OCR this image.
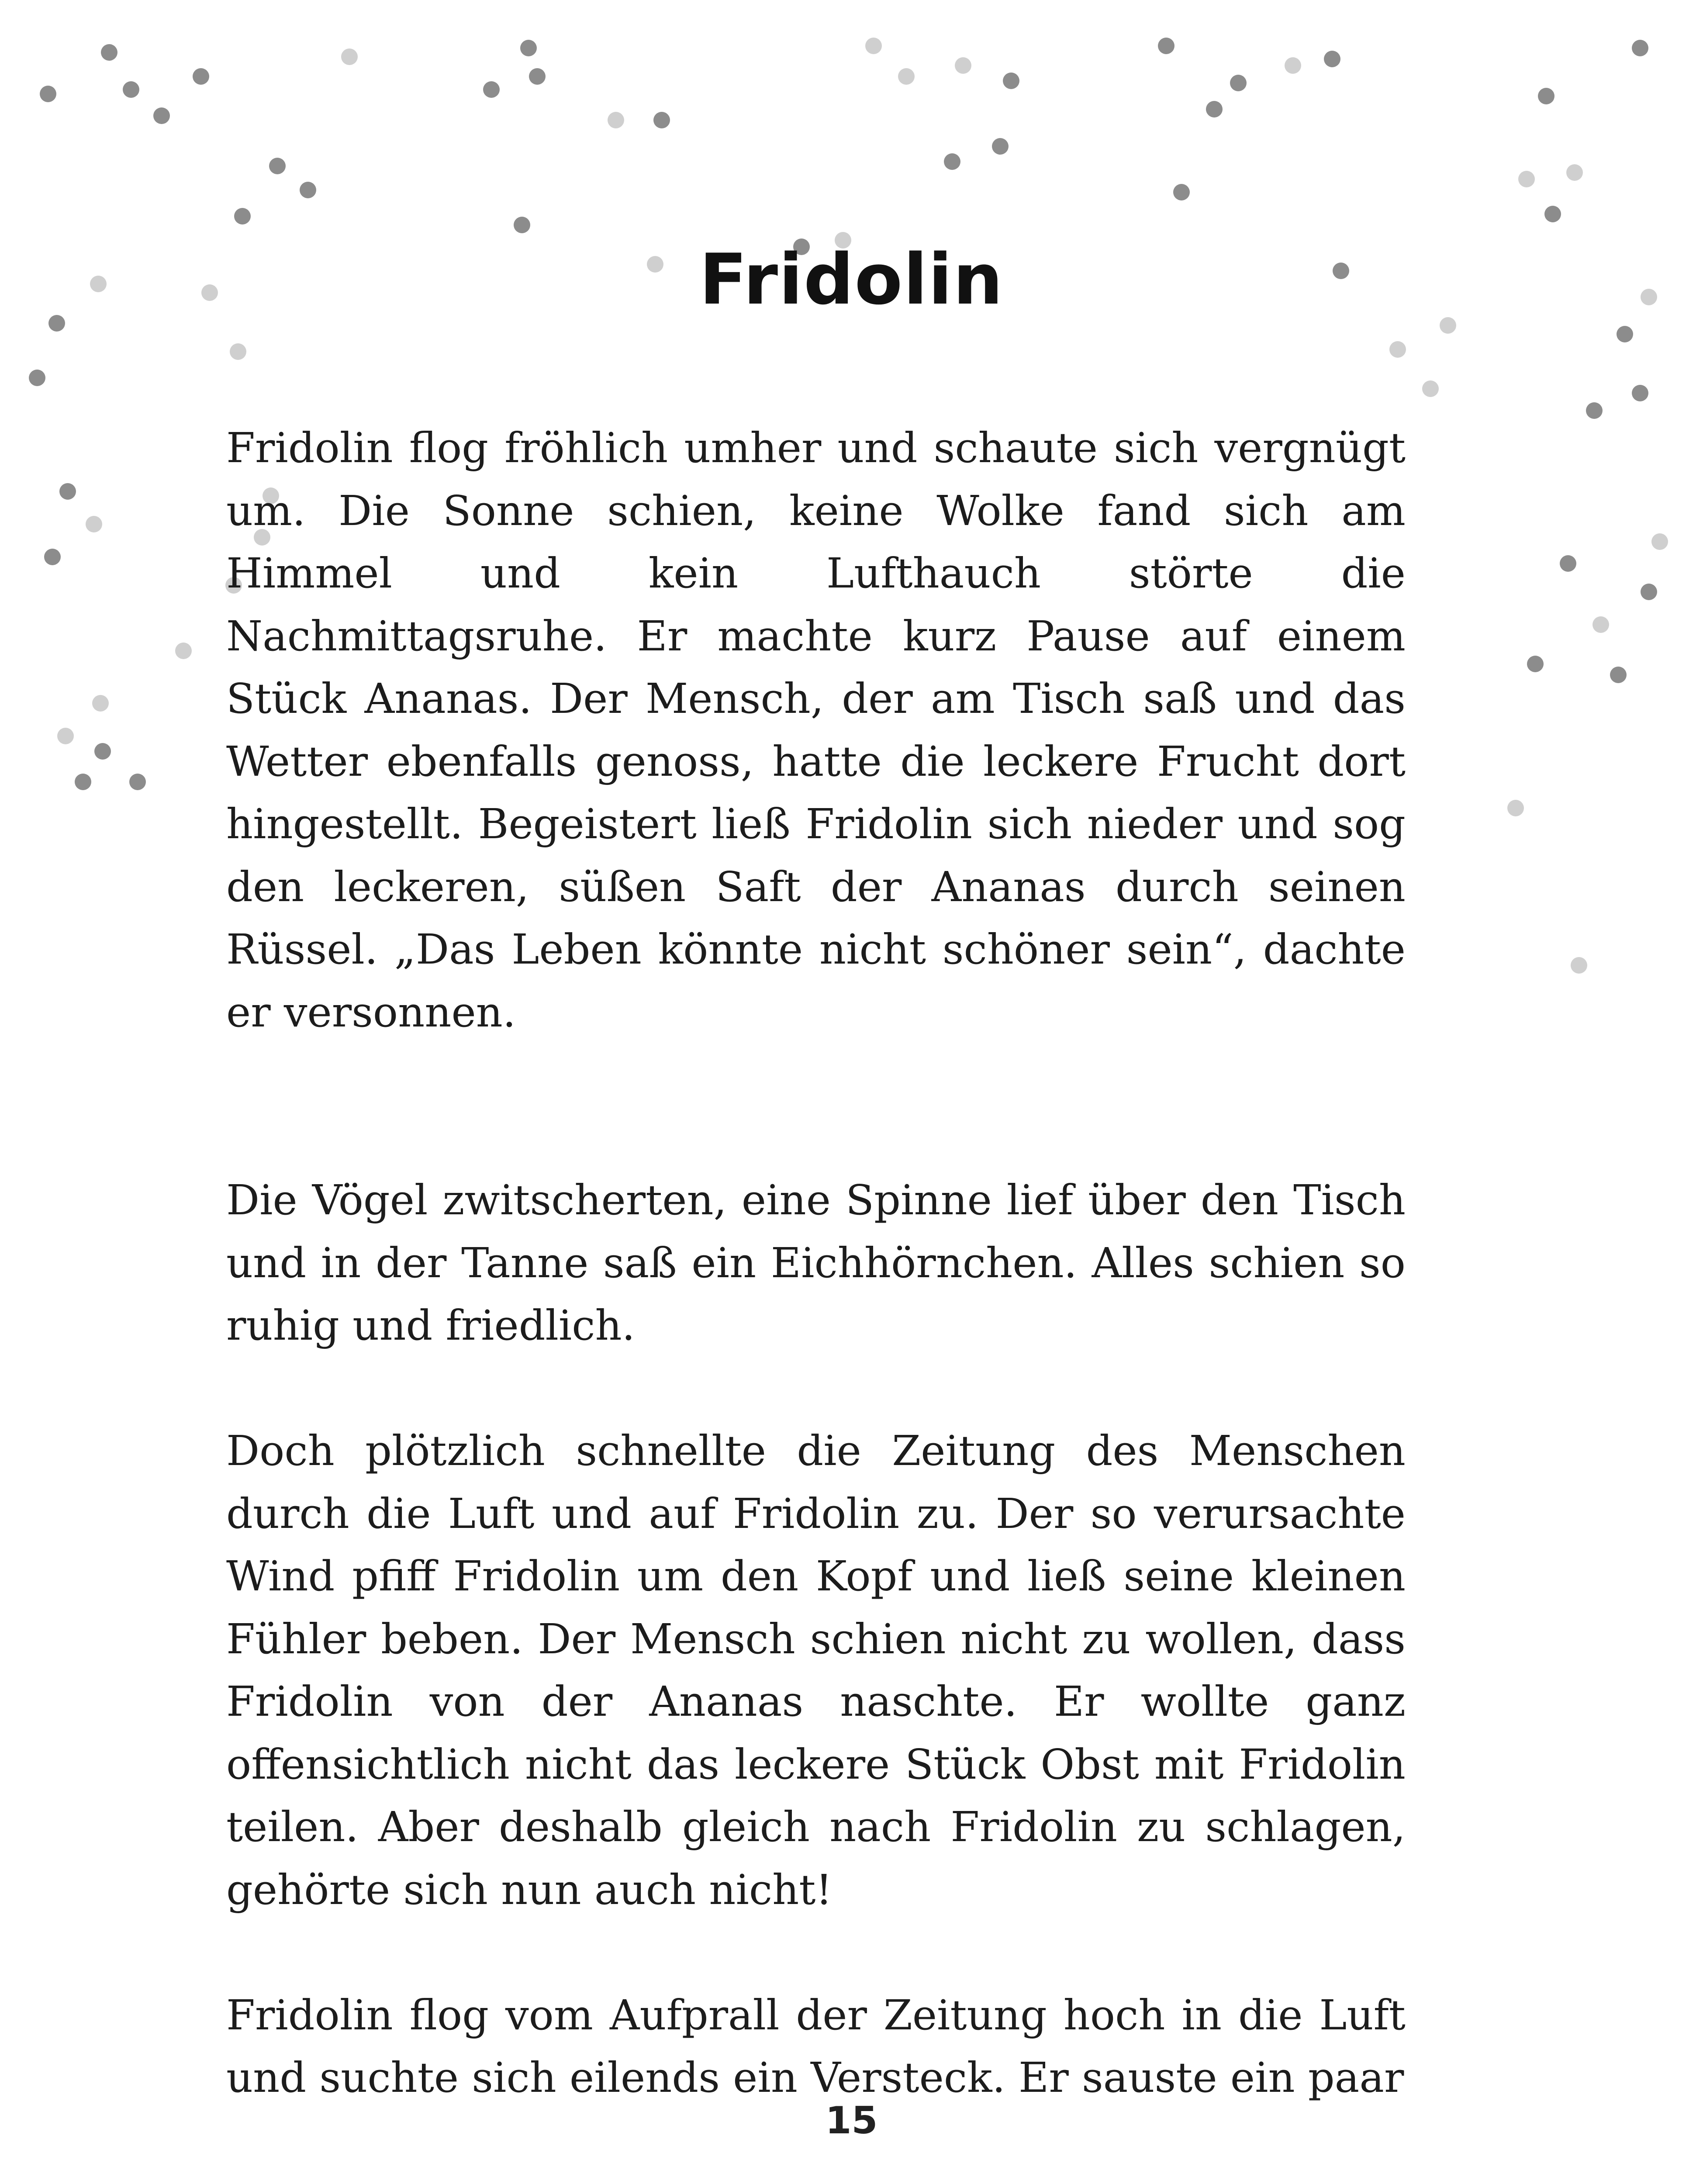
Fridolin

Fridolin flog fröhlich umher und schaute sich vergnügt um. Die Sonne schien, keine Wolke fand sich am Himmel und kein Lufthauch störte die Nachmittagsruhe. Er machte kurz Pause auf einem Stück Ananas. Der Mensch, der am Tisch saß und das Wetter ebenfalls genoss, hatte die leckere Frucht dort hingestellt. Begeistert ließ Fridolin sich nieder und sog den leckeren, süßen Saft der Ananas durch seinen Rüssel. „Das Leben könnte nicht schöner sein“, dachte er versonnen.

Die Vögel zwitscherten, eine Spinne lief über den Tisch und in der Tanne saß ein Eichhörnchen. Alles schien so ruhig und friedlich.

Doch plötzlich schnellte die Zeitung des Menschen durch die Luft und auf Fridolin zu. Der so verursachte Wind pfiff Fridolin um den Kopf und ließ seine kleinen Fühler beben. Der Mensch schien nicht zu wollen, dass Fridolin von der Ananas naschte. Er wollte ganz offensichtlich nicht das leckere Stück Obst mit Fridolin teilen. Aber deshalb gleich nach Fridolin zu schlagen, gehörte sich nun auch nicht!

Fridolin flog vom Aufprall der Zeitung hoch in die Luft und suchte sich eilends ein Versteck. Er sauste ein paar

15
